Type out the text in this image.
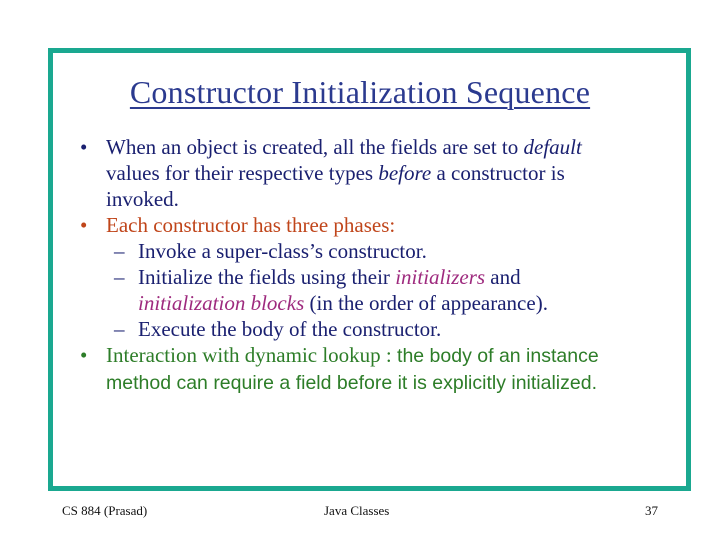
Constructor Initialization Sequence
• When an object is created, all the fields are set to default
values for their respective types before a constructor is
invoked.
• Each constructor has three phases:
– Invoke a super-class’s constructor.
– Initialize the fields using their initializers and
initialization blocks (in the order of appearance).
– Execute the body of the constructor.
• Interaction with dynamic lookup : the body of an instance
method can require a field before it is explicitly initialized.
CS 884 (Prasad)	Java Classes	37
